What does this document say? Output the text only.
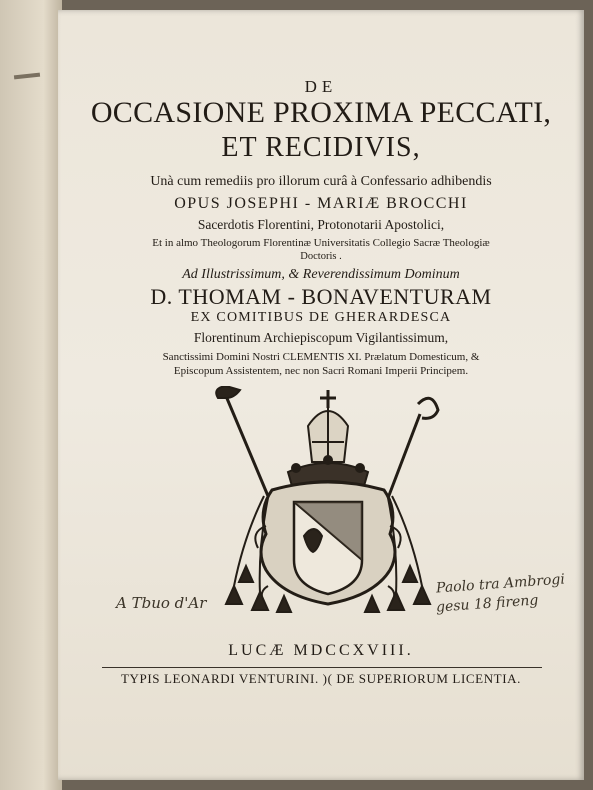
DE
OCCASIONE PROXIMA PECCATI,
ET RECIDIVIS,
Unà cum remediis pro illorum curâ à Confessario adhibendis
OPUS JOSEPHI - MARIÆ BROCCHI
Sacerdotis Florentini, Protonotarii Apostolici,
Et in almo Theologorum Florentinæ Universitatis Collegio Sacræ Theologiæ
Doctoris .
Ad Illustrissimum, & Reverendissimum Dominum
D. THOMAM - BONAVENTURAM
EX COMITIBUS DE GHERARDESCA
Florentinum Archiepiscopum Vigilantissimum,
Sanctissimi Domini Nostri CLEMENTIS XI. Prælatum Domesticum, &
Episcopum Assistentem, nec non Sacri Romani Imperii Principem.
A Tbuo d'Ar
Paolo tra Ambrogi
gesu 18 fireng
LUCÆ MDCCXVIII.
TYPIS LEONARDI VENTURINI. )( DE SUPERIORUM LICENTIA.
